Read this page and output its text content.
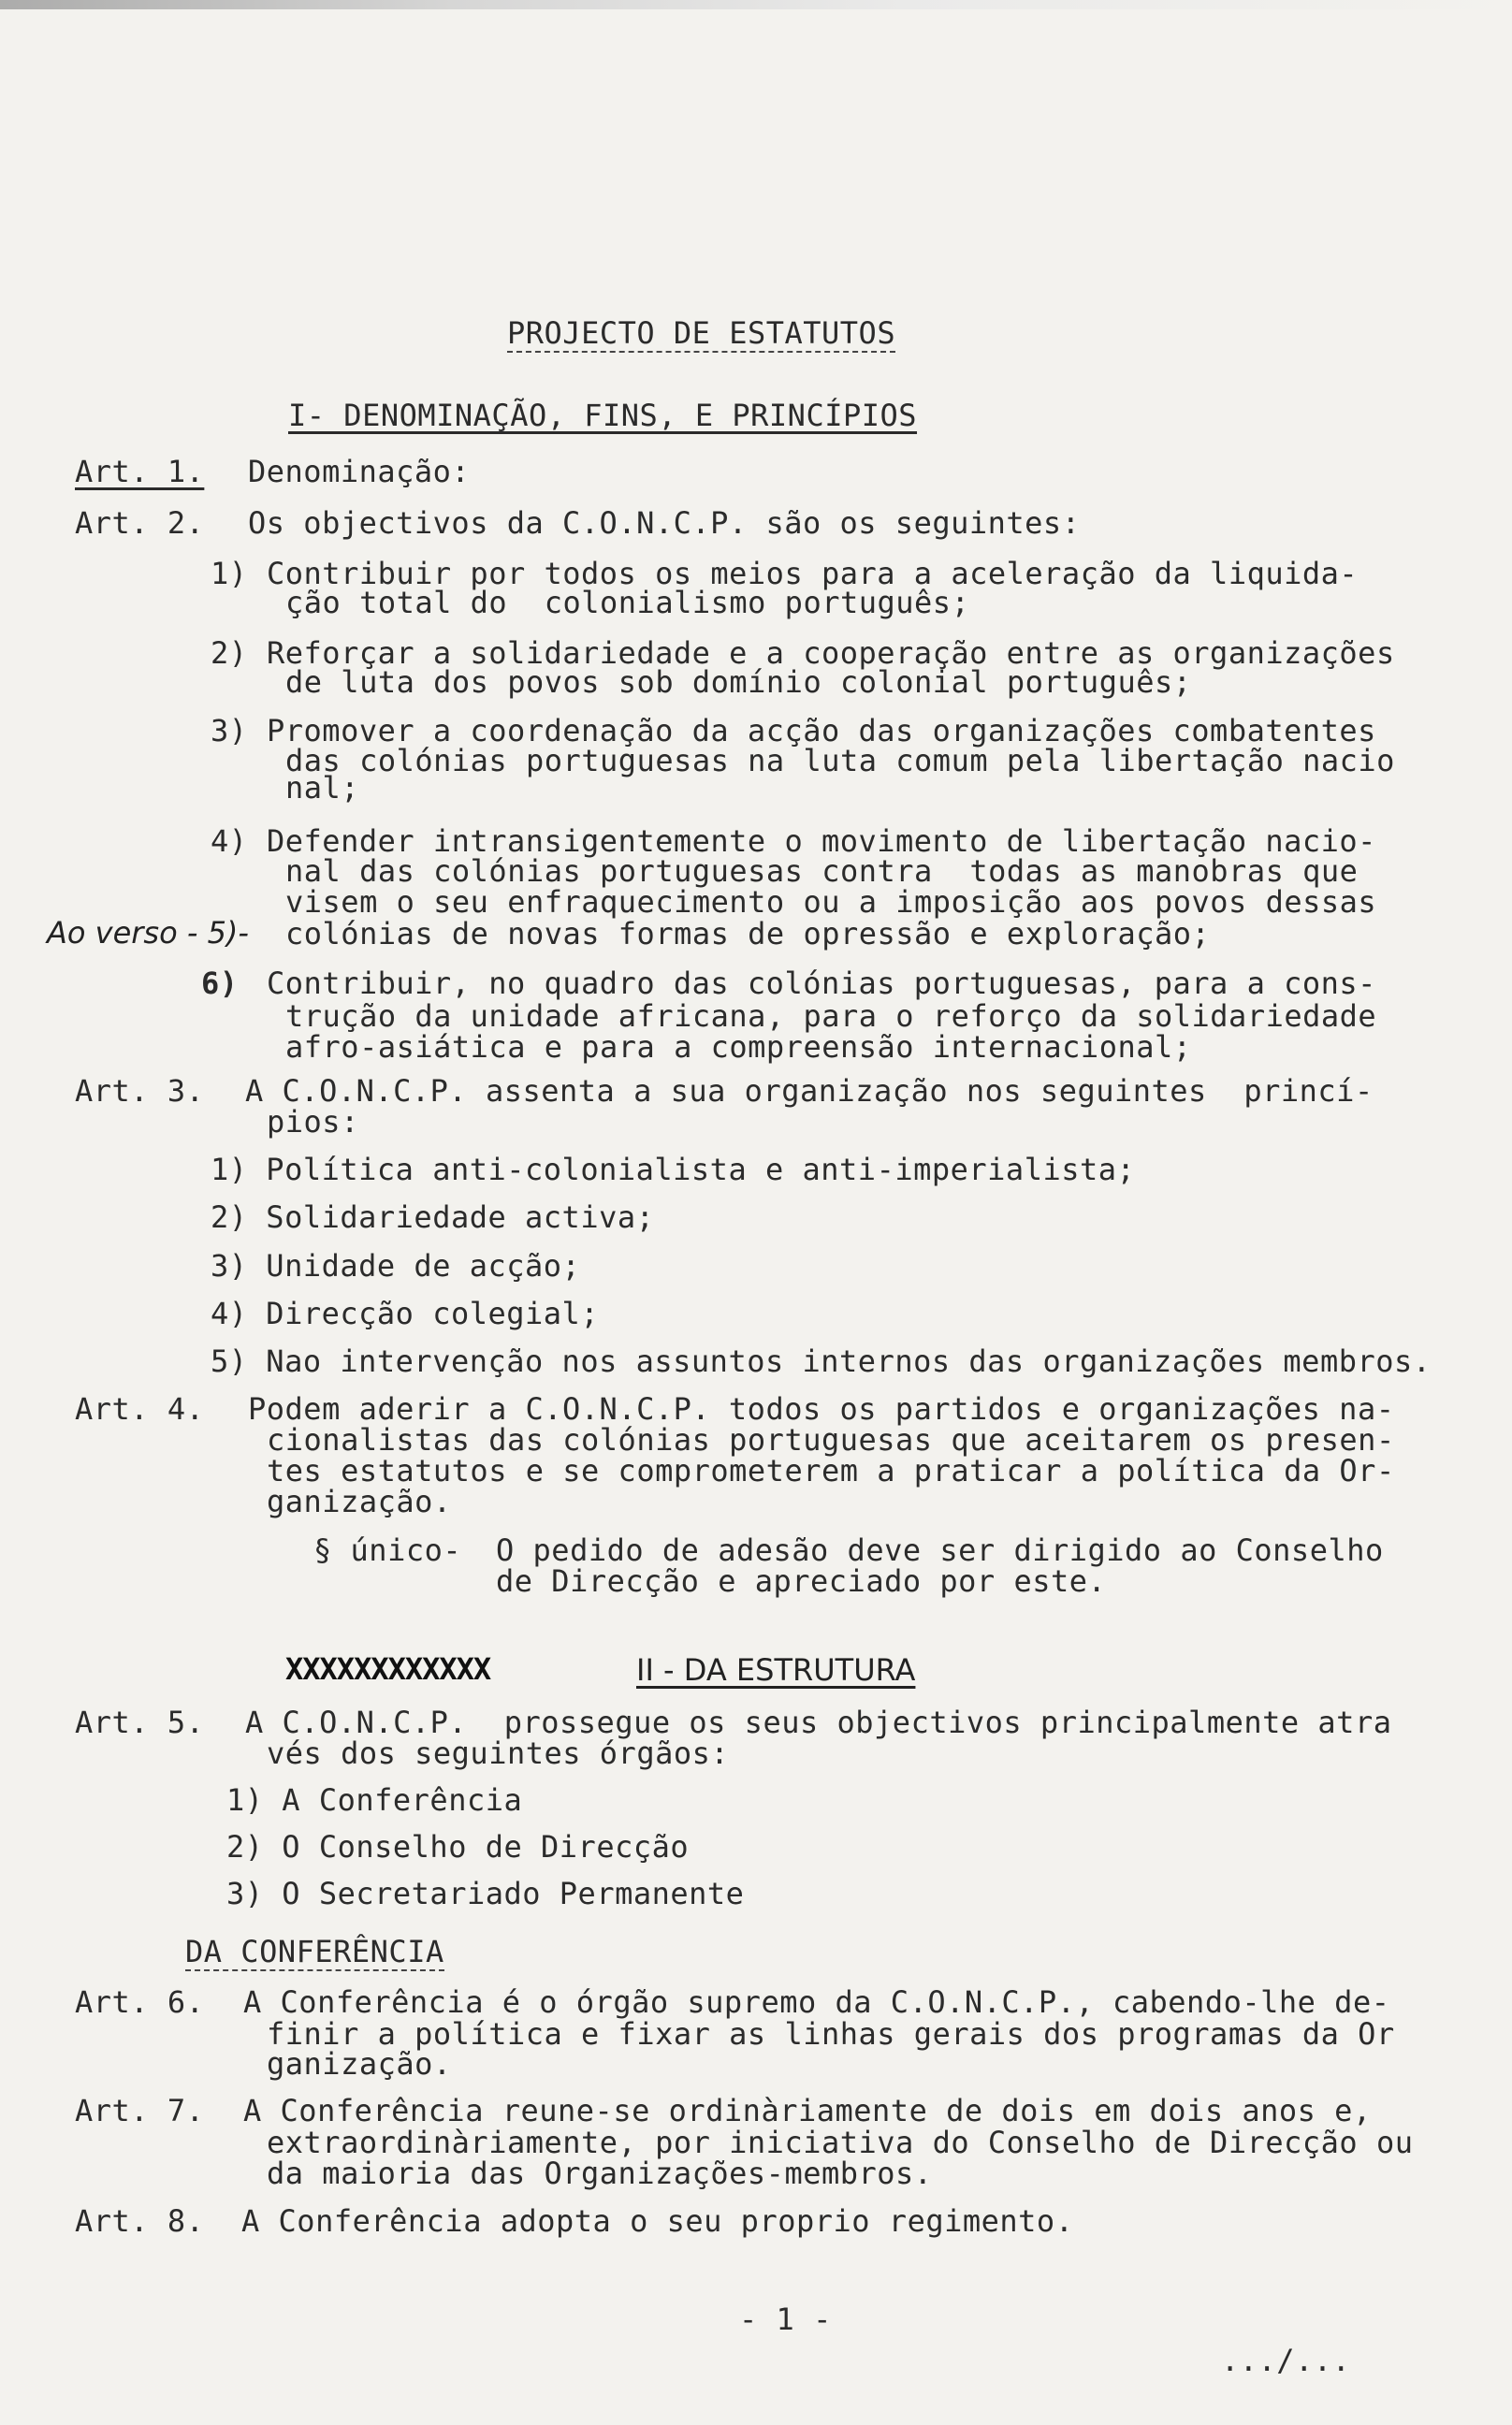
PROJECTO DE ESTATUTOS
I- DENOMINAÇÃO, FINS, E PRINCÍPIOS
Art. 1. Denominação:
Art. 2. Os objectivos da C.O.N.C.P. são os seguintes:
1) Contribuir por todos os meios para a aceleração da liquida-
ção total do  colonialismo português;
2) Reforçar a solidariedade e a cooperação entre as organizações
de luta dos povos sob domínio colonial português;
3) Promover a coordenação da acção das organizações combatentes
das colónias portuguesas na luta comum pela libertação nacio
nal;
4) Defender intransigentemente o movimento de libertação nacio-
nal das colónias portuguesas contra  todas as manobras que
visem o seu enfraquecimento ou a imposição aos povos dessas
colónias de novas formas de opressão e exploração;
Ao verso - 5)-
6) Contribuir, no quadro das colónias portuguesas, para a cons-
trução da unidade africana, para o reforço da solidariedade
afro-asiática e para a compreensão internacional;
Art. 3. A C.O.N.C.P. assenta a sua organização nos seguintes  princí-
pios:
1) Política anti-colonialista e anti-imperialista;
2) Solidariedade activa;
3) Unidade de acção;
4) Direcção colegial;
5) Nao intervenção nos assuntos internos das organizações membros.
Art. 4. Podem aderir a C.O.N.C.P. todos os partidos e organizações na-
cionalistas das colónias portuguesas que aceitarem os presen-
tes estatutos e se comprometerem a praticar a política da Or-
ganização.
§ único- O pedido de adesão deve ser dirigido ao Conselho
de Direcção e apreciado por este.
XXXXXXXXXXXX	II - DA ESTRUTURA
Art. 5. A C.O.N.C.P.  prossegue os seus objectivos principalmente atra
vés dos seguintes órgãos:
1) A Conferência
2) O Conselho de Direcção
3) O Secretariado Permanente
DA CONFERÊNCIA
Art. 6. A Conferência é o órgão supremo da C.O.N.C.P., cabendo-lhe de-
finir a política e fixar as linhas gerais dos programas da Or
ganização.
Art. 7. A Conferência reune-se ordinàriamente de dois em dois anos e,
extraordinàriamente, por iniciativa do Conselho de Direcção ou
da maioria das Organizações-membros.
Art. 8. A Conferência adopta o seu proprio regimento.
- 1 -
.../...
